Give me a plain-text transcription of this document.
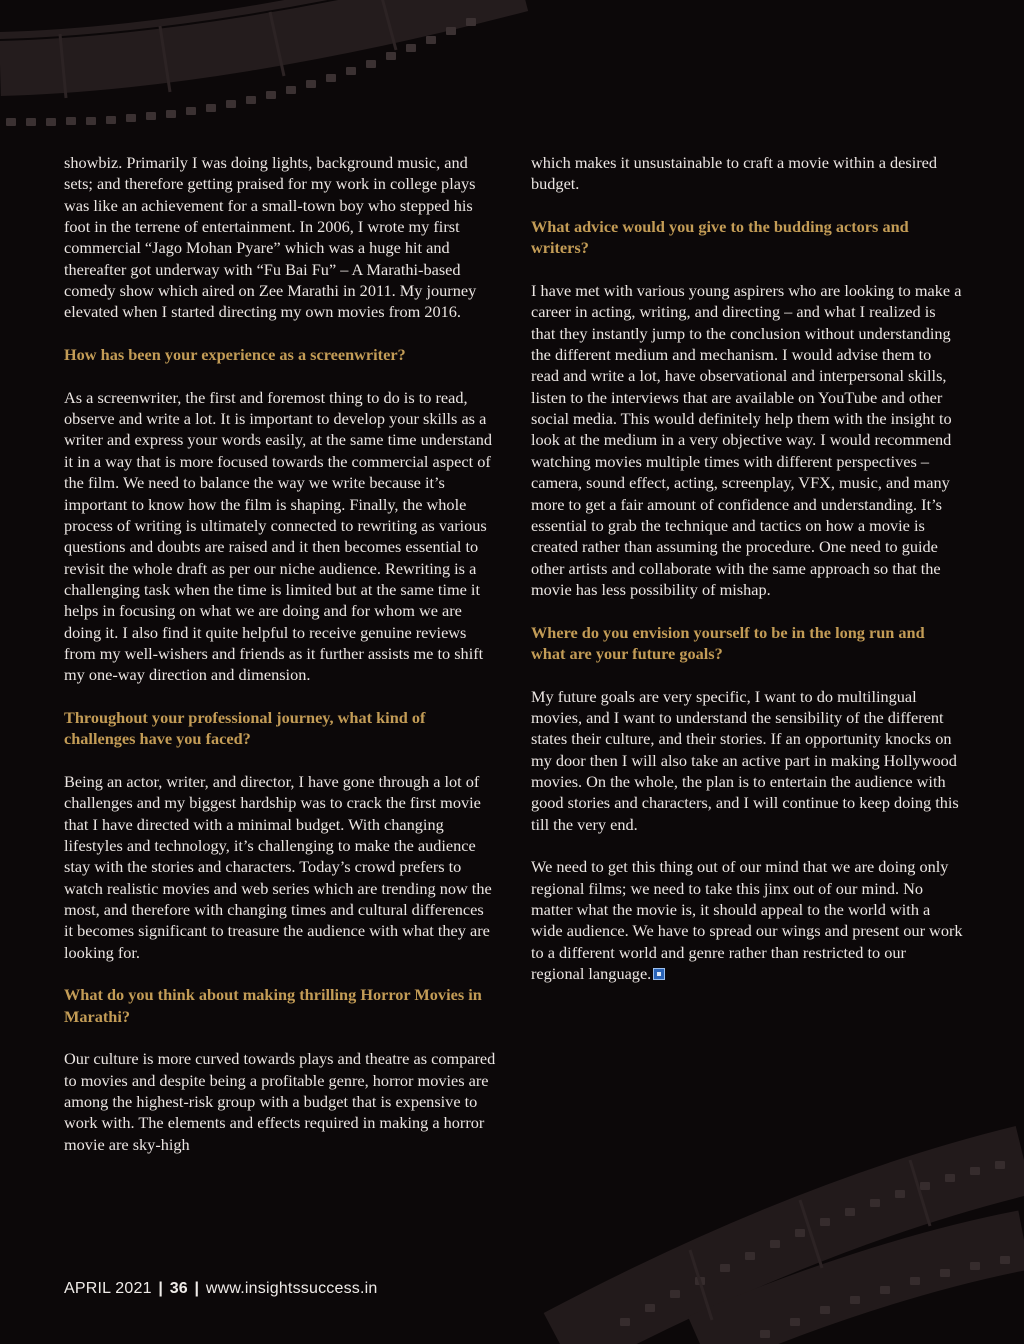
showbiz. Primarily I was doing lights, background music, and sets; and therefore getting praised for my work in college plays was like an achievement for a small-town boy who stepped his foot in the terrene of entertainment. In 2006, I wrote my first commercial “Jago Mohan Pyare” which was a huge hit and thereafter got underway with “Fu Bai Fu” – A Marathi-based comedy show which aired on Zee Marathi in 2011. My journey elevated when I started directing my own movies from 2016.

How has been your experience as a screenwriter?

As a screenwriter, the first and foremost thing to do is to read, observe and write a lot. It is important to develop your skills as a writer and express your words easily, at the same time understand it in a way that is more focused towards the commercial aspect of the film. We need to balance the way we write because it’s important to know how the film is shaping. Finally, the whole process of writing is ultimately connected to rewriting as various questions and doubts are raised and it then becomes essential to revisit the whole draft as per our niche audience. Rewriting is a challenging task when the time is limited but at the same time it helps in focusing on what we are doing and for whom we are doing it. I also find it quite helpful to receive genuine reviews from my well-wishers and friends as it further assists me to shift my one-way direction and dimension.

Throughout your professional journey, what kind of challenges have you faced?

Being an actor, writer, and director, I have gone through a lot of challenges and my biggest hardship was to crack the first movie that I have directed with a minimal budget. With changing lifestyles and technology, it’s challenging to make the audience stay with the stories and characters. Today’s crowd prefers to watch realistic movies and web series which are trending now the most, and therefore with changing times and cultural differences it becomes significant to treasure the audience with what they are looking for.

What do you think about making thrilling Horror Movies in Marathi?

Our culture is more curved towards plays and theatre as compared to movies and despite being a profitable genre, horror movies are among the highest-risk group with a budget that is expensive to work with. The elements and effects required in making a horror movie are sky-high

which makes it unsustainable to craft a movie within a desired budget.

What advice would you give to the budding actors and writers?

I have met with various young aspirers who are looking to make a career in acting, writing, and directing – and what I realized is that they instantly jump to the conclusion without understanding the different medium and mechanism. I would advise them to read and write a lot, have observational and interpersonal skills, listen to the interviews that are available on YouTube and other social media. This would definitely help them with the insight to look at the medium in a very objective way. I would recommend watching movies multiple times with different perspectives – camera, sound effect, acting, screenplay, VFX, music, and many more to get a fair amount of confidence and understanding. It’s essential to grab the technique and tactics on how a movie is created rather than assuming the procedure. One need to guide other artists and collaborate with the same approach so that the movie has less possibility of mishap.

Where do you envision yourself to be in the long run and what are your future goals?

My future goals are very specific, I want to do multilingual movies, and I want to understand the sensibility of the different states their culture, and their stories. If an opportunity knocks on my door then I will also take an active part in making Hollywood movies. On the whole, the plan is to entertain the audience with good stories and characters, and I will continue to keep doing this till the very end.

We need to get this thing out of our mind that we are doing only regional films; we need to take this jinx out of our mind. No matter what the movie is, it should appeal to the world with a wide audience. We have to spread our wings and present our work to a different world and genre rather than restricted to our regional language.

APRIL 2021 | 36 | www.insightssuccess.in
